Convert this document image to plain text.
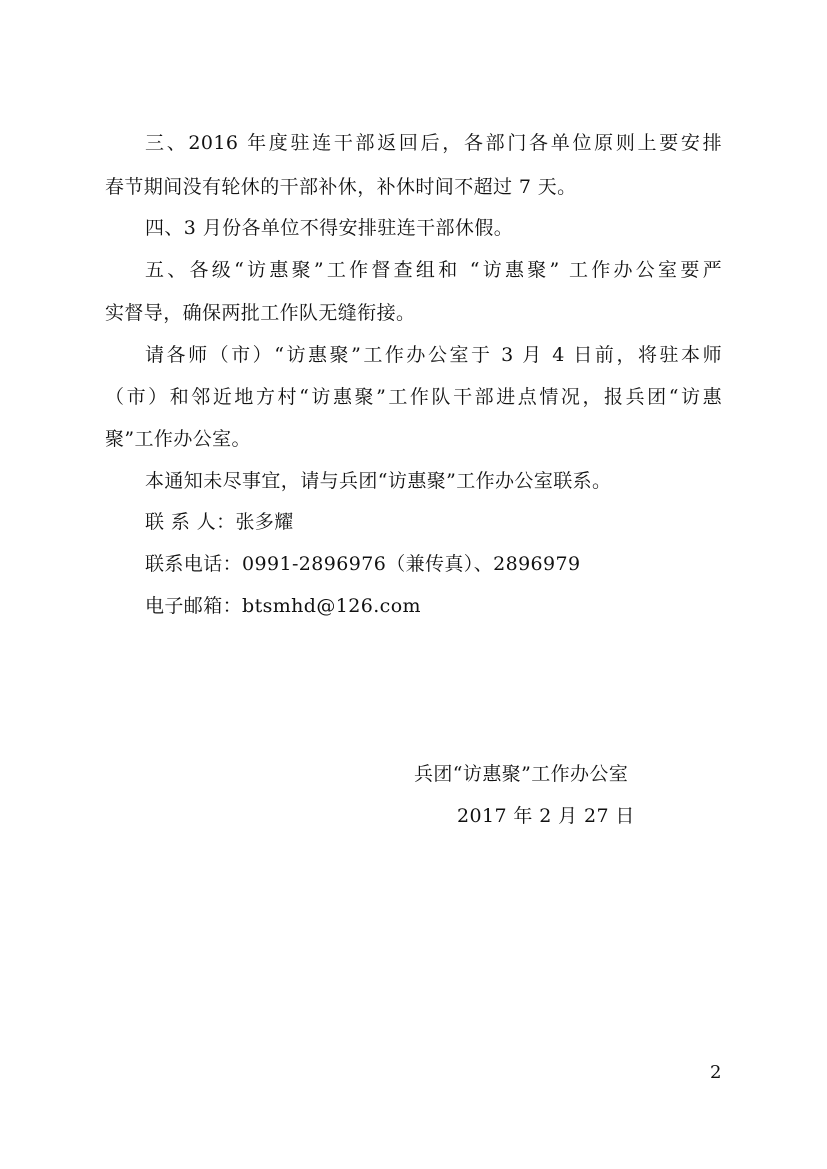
三、2016 年度驻连干部返回后，各部门各单位原则上要安排
春节期间没有轮休的干部补休，补休时间不超过 7 天。
四、3 月份各单位不得安排驻连干部休假。
五、各级“访惠聚”工作督查组和 “访惠聚” 工作办公室要严
实督导，确保两批工作队无缝衔接。
请各师（市）“访惠聚”工作办公室于 3 月 4 日前，将驻本师
（市）和邻近地方村“访惠聚”工作队干部进点情况，报兵团“访惠
聚”工作办公室。
本通知未尽事宜，请与兵团“访惠聚”工作办公室联系。
联 系 人：张多耀
联系电话：0991-2896976（兼传真）、2896979
电子邮箱：btsmhd@126.com
兵团“访惠聚”工作办公室
2017 年 2 月 27 日
2
